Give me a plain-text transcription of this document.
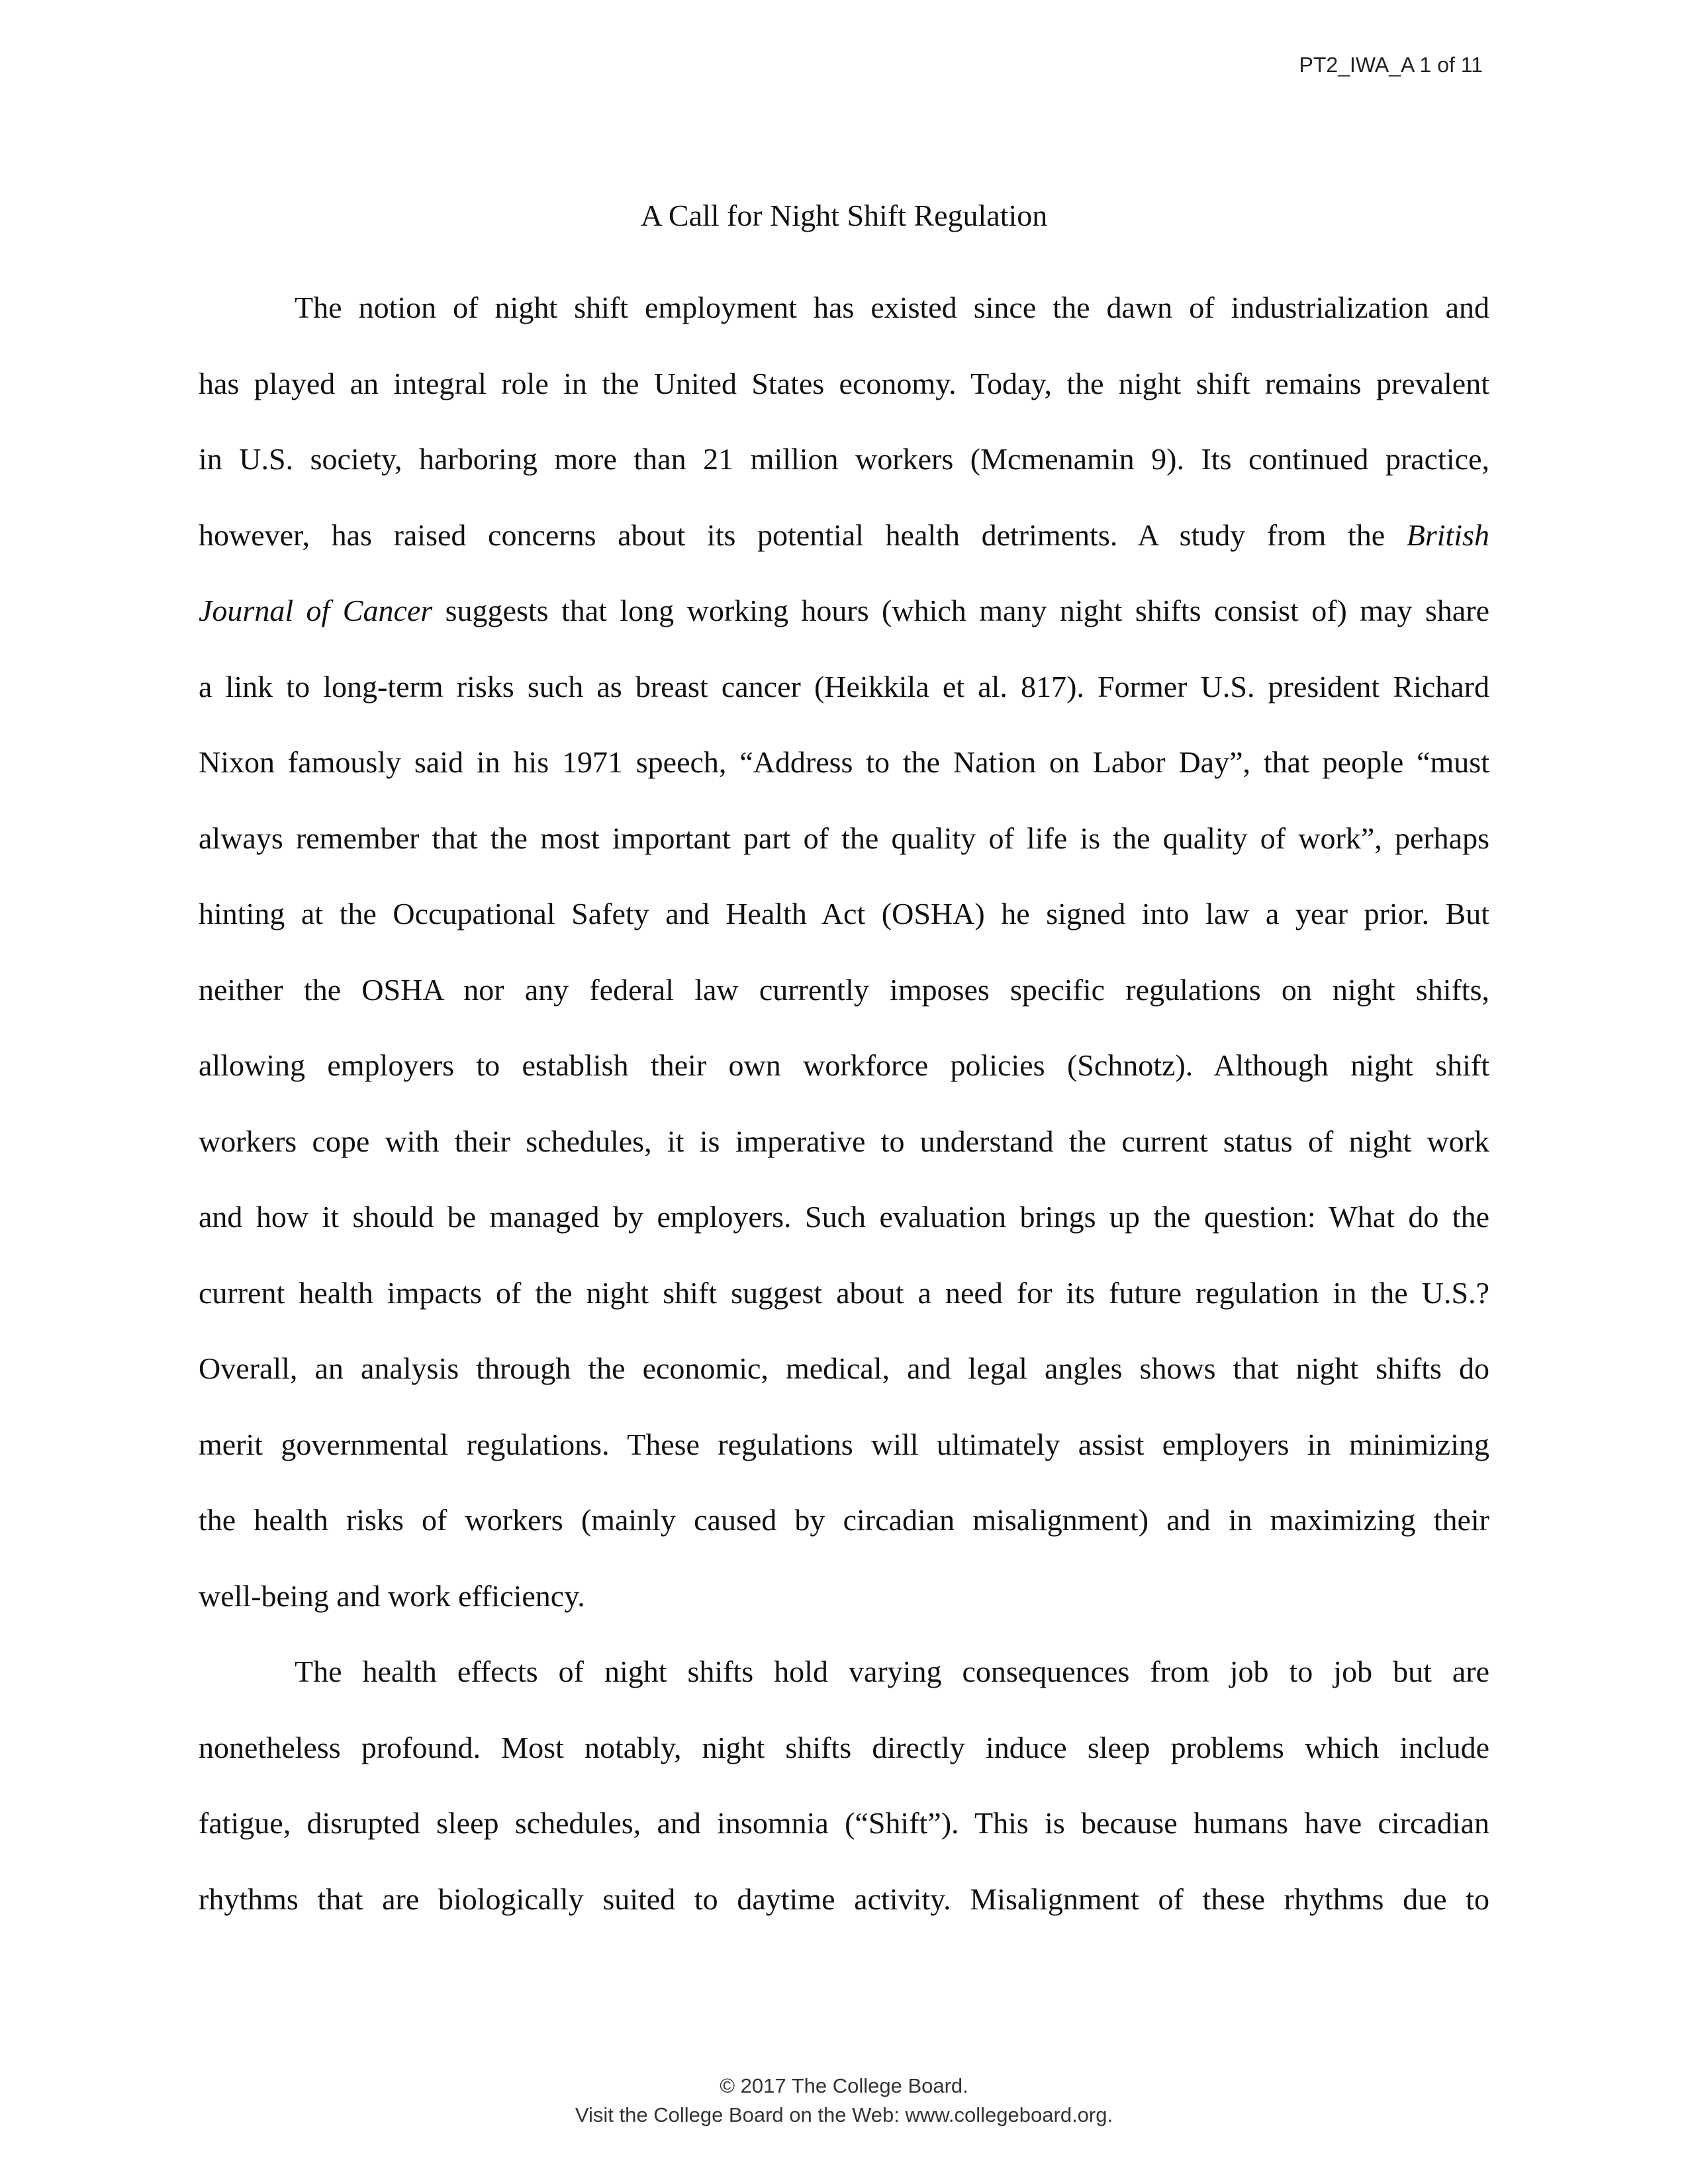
PT2_IWA_A 1 of 11
A Call for Night Shift Regulation
The notion of night shift employment has existed since the dawn of industrialization and
has played an integral role in the United States economy. Today, the night shift remains prevalent
in U.S. society, harboring more than 21 million workers (Mcmenamin 9). Its continued practice,
however, has raised concerns about its potential health detriments. A study from the British
Journal of Cancer suggests that long working hours (which many night shifts consist of) may share
a link to long-term risks such as breast cancer (Heikkila et al. 817). Former U.S. president Richard
Nixon famously said in his 1971 speech, “Address to the Nation on Labor Day”, that people “must
always remember that the most important part of the quality of life is the quality of work”, perhaps
hinting at the Occupational Safety and Health Act (OSHA) he signed into law a year prior. But
neither the OSHA nor any federal law currently imposes specific regulations on night shifts,
allowing employers to establish their own workforce policies (Schnotz). Although night shift
workers cope with their schedules, it is imperative to understand the current status of night work
and how it should be managed by employers. Such evaluation brings up the question: What do the
current health impacts of the night shift suggest about a need for its future regulation in the U.S.?
Overall, an analysis through the economic, medical, and legal angles shows that night shifts do
merit governmental regulations. These regulations will ultimately assist employers in minimizing
the health risks of workers (mainly caused by circadian misalignment) and in maximizing their
well-being and work efficiency.
The health effects of night shifts hold varying consequences from job to job but are
nonetheless profound. Most notably, night shifts directly induce sleep problems which include
fatigue, disrupted sleep schedules, and insomnia (“Shift”). This is because humans have circadian
rhythms that are biologically suited to daytime activity. Misalignment of these rhythms due to
© 2017 The College Board.
Visit the College Board on the Web: www.collegeboard.org.
